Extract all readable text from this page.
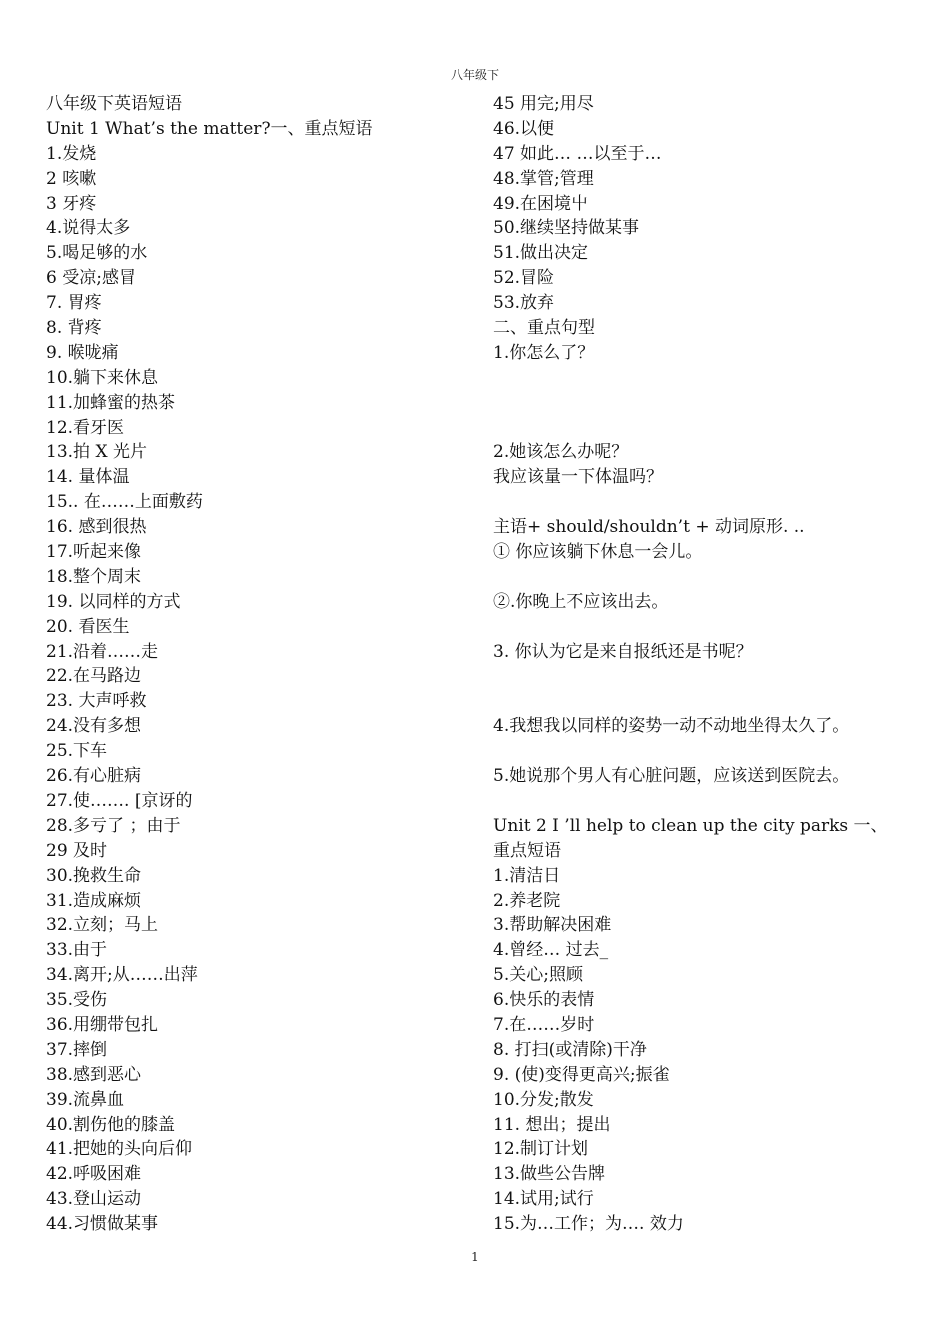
八年级下
八年级下英语短语
Unit 1 What’s the matter?一、重点短语
1.发烧
2 咳嗽
3 牙疼
4.说得太多
5.喝足够的水
6 受凉;感冒
7. 胃疼
8. 背疼
9. 喉咙痛
10.躺下来休息
11.加蜂蜜的热茶
12.看牙医
13.拍 X 光片
14. 量体温
15.. 在……上面敷药
16. 感到很热
17.听起来像
18.整个周末
19. 以同样的方式
20. 看医生
21.沿着……走
22.在马路边
23. 大声呼救
24.没有多想
25.下车
26.有心脏病
27.使……. [京讶的
28.多亏了 ；由于
29 及时
30.挽救生命
31.造成麻烦
32.立刻；马上
33.由于
34.离开;从……出萍
35.受伤
36.用绷带包扎
37.摔倒
38.感到恶心
39.流鼻血
40.割伤他的膝盖
41.把她的头向后仰
42.呼吸困难
43.登山运动
44.习惯做某事
45 用完;用尽
46.以便
47 如此… …以至于…
48.掌管;管理
49.在困境屮
50.继续坚持做某事
51.做出决定
52.冒险
53.放弃
二、重点句型
1.你怎么了？
2.她该怎么办呢？
我应该量一下体温吗？
主语+ should/shouldn’t + 动词原形. ..
① 你应该躺下休息一会儿。
②.你晚上不应该出去。
3. 你认为它是来自报纸还是书呢？
4.我想我以同样的姿势一动不动地坐得太久了。
5.她说那个男人有心脏问题，应该送到医院去。
Unit 2 I ’ll help to clean up the city parks 一、
重点短语
1.清洁日
2.养老院
3.帮助解决困难
4.曾经… 过去_
5.关心;照顾
6.快乐的表情
7.在……岁时
8. 打扫(或清除)干净
9. (使)变得更高兴;振雀
10.分发;散发
11. 想出；提出
12.制订计划
13.做些公告牌
14.试用;试行
15.为…工作；为…. 效力
1
